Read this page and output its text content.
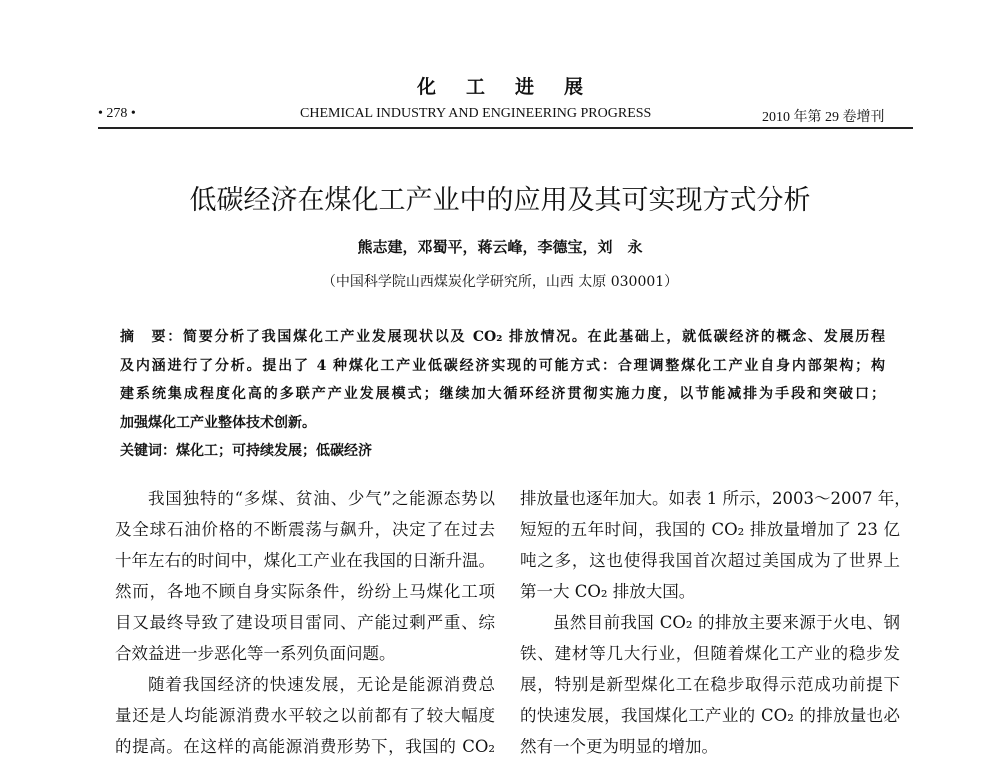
化工进展
• 278 •	CHEMICAL INDUSTRY AND ENGINEERING PROGRESS	2010 年第 29 卷增刊
低碳经济在煤化工产业中的应用及其可实现方式分析
熊志建，邓蜀平，蒋云峰，李德宝，刘　永
（中国科学院山西煤炭化学研究所，山西 太原 030001）
摘　要：简要分析了我国煤化工产业发展现状以及 CO₂ 排放情况。在此基础上，就低碳经济的概念、发展历程
及内涵进行了分析。提出了 4 种煤化工产业低碳经济实现的可能方式：合理调整煤化工产业自身内部架构；构
建系统集成程度化高的多联产产业发展模式；继续加大循环经济贯彻实施力度，以节能减排为手段和突破口；
加强煤化工产业整体技术创新。
关键词：煤化工；可持续发展；低碳经济
我国独特的“多煤、贫油、少气”之能源态势以
及全球石油价格的不断震荡与飙升，决定了在过去
十年左右的时间中，煤化工产业在我国的日渐升温。
然而，各地不顾自身实际条件，纷纷上马煤化工项
目又最终导致了建设项目雷同、产能过剩严重、综
合效益进一步恶化等一系列负面问题。
随着我国经济的快速发展，无论是能源消费总
量还是人均能源消费水平较之以前都有了较大幅度
的提高。在这样的高能源消费形势下，我国的 CO₂
排放量也逐年加大。如表 1 所示，2003～2007 年，
短短的五年时间，我国的 CO₂ 排放量增加了 23 亿
吨之多，这也使得我国首次超过美国成为了世界上
第一大 CO₂ 排放大国。
虽然目前我国 CO₂ 的排放主要来源于火电、钢
铁、建材等几大行业，但随着煤化工产业的稳步发
展，特别是新型煤化工在稳步取得示范成功前提下
的快速发展，我国煤化工产业的 CO₂ 的排放量也必
然有一个更为明显的增加。
